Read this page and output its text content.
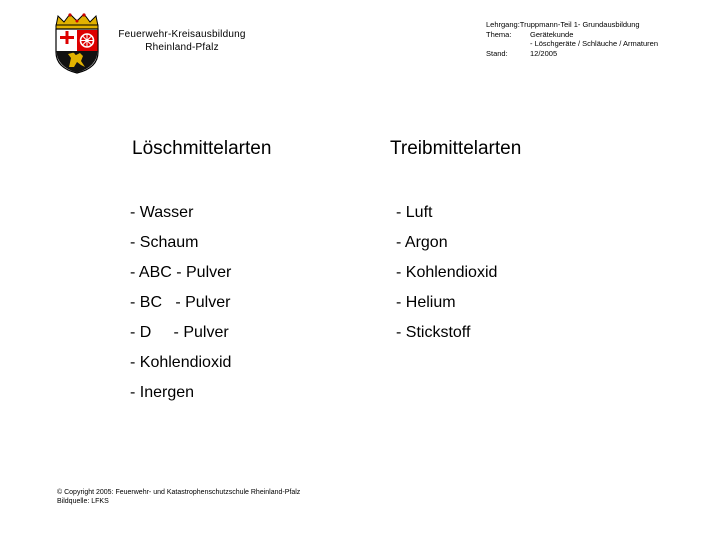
Feuerwehr-Kreisausbildung
Rheinland-Pfalz
Lehrgang: Truppmann-Teil 1- Grundausbildung
Thema:	Gerätekunde
- Löschgeräte / Schläuche / Armaturen
Stand:	12/2005
Löschmittelarten	Treibmittelarten
- Wasser
- Schaum
- ABC - Pulver
- BC   - Pulver
- D     - Pulver
- Kohlendioxid
- Inergen
- Luft
- Argon
- Kohlendioxid
- Helium
- Stickstoff
© Copyright 2005: Feuerwehr- und Katastrophenschutzschule Rheinland-Pfalz
Bildquelle: LFKS
